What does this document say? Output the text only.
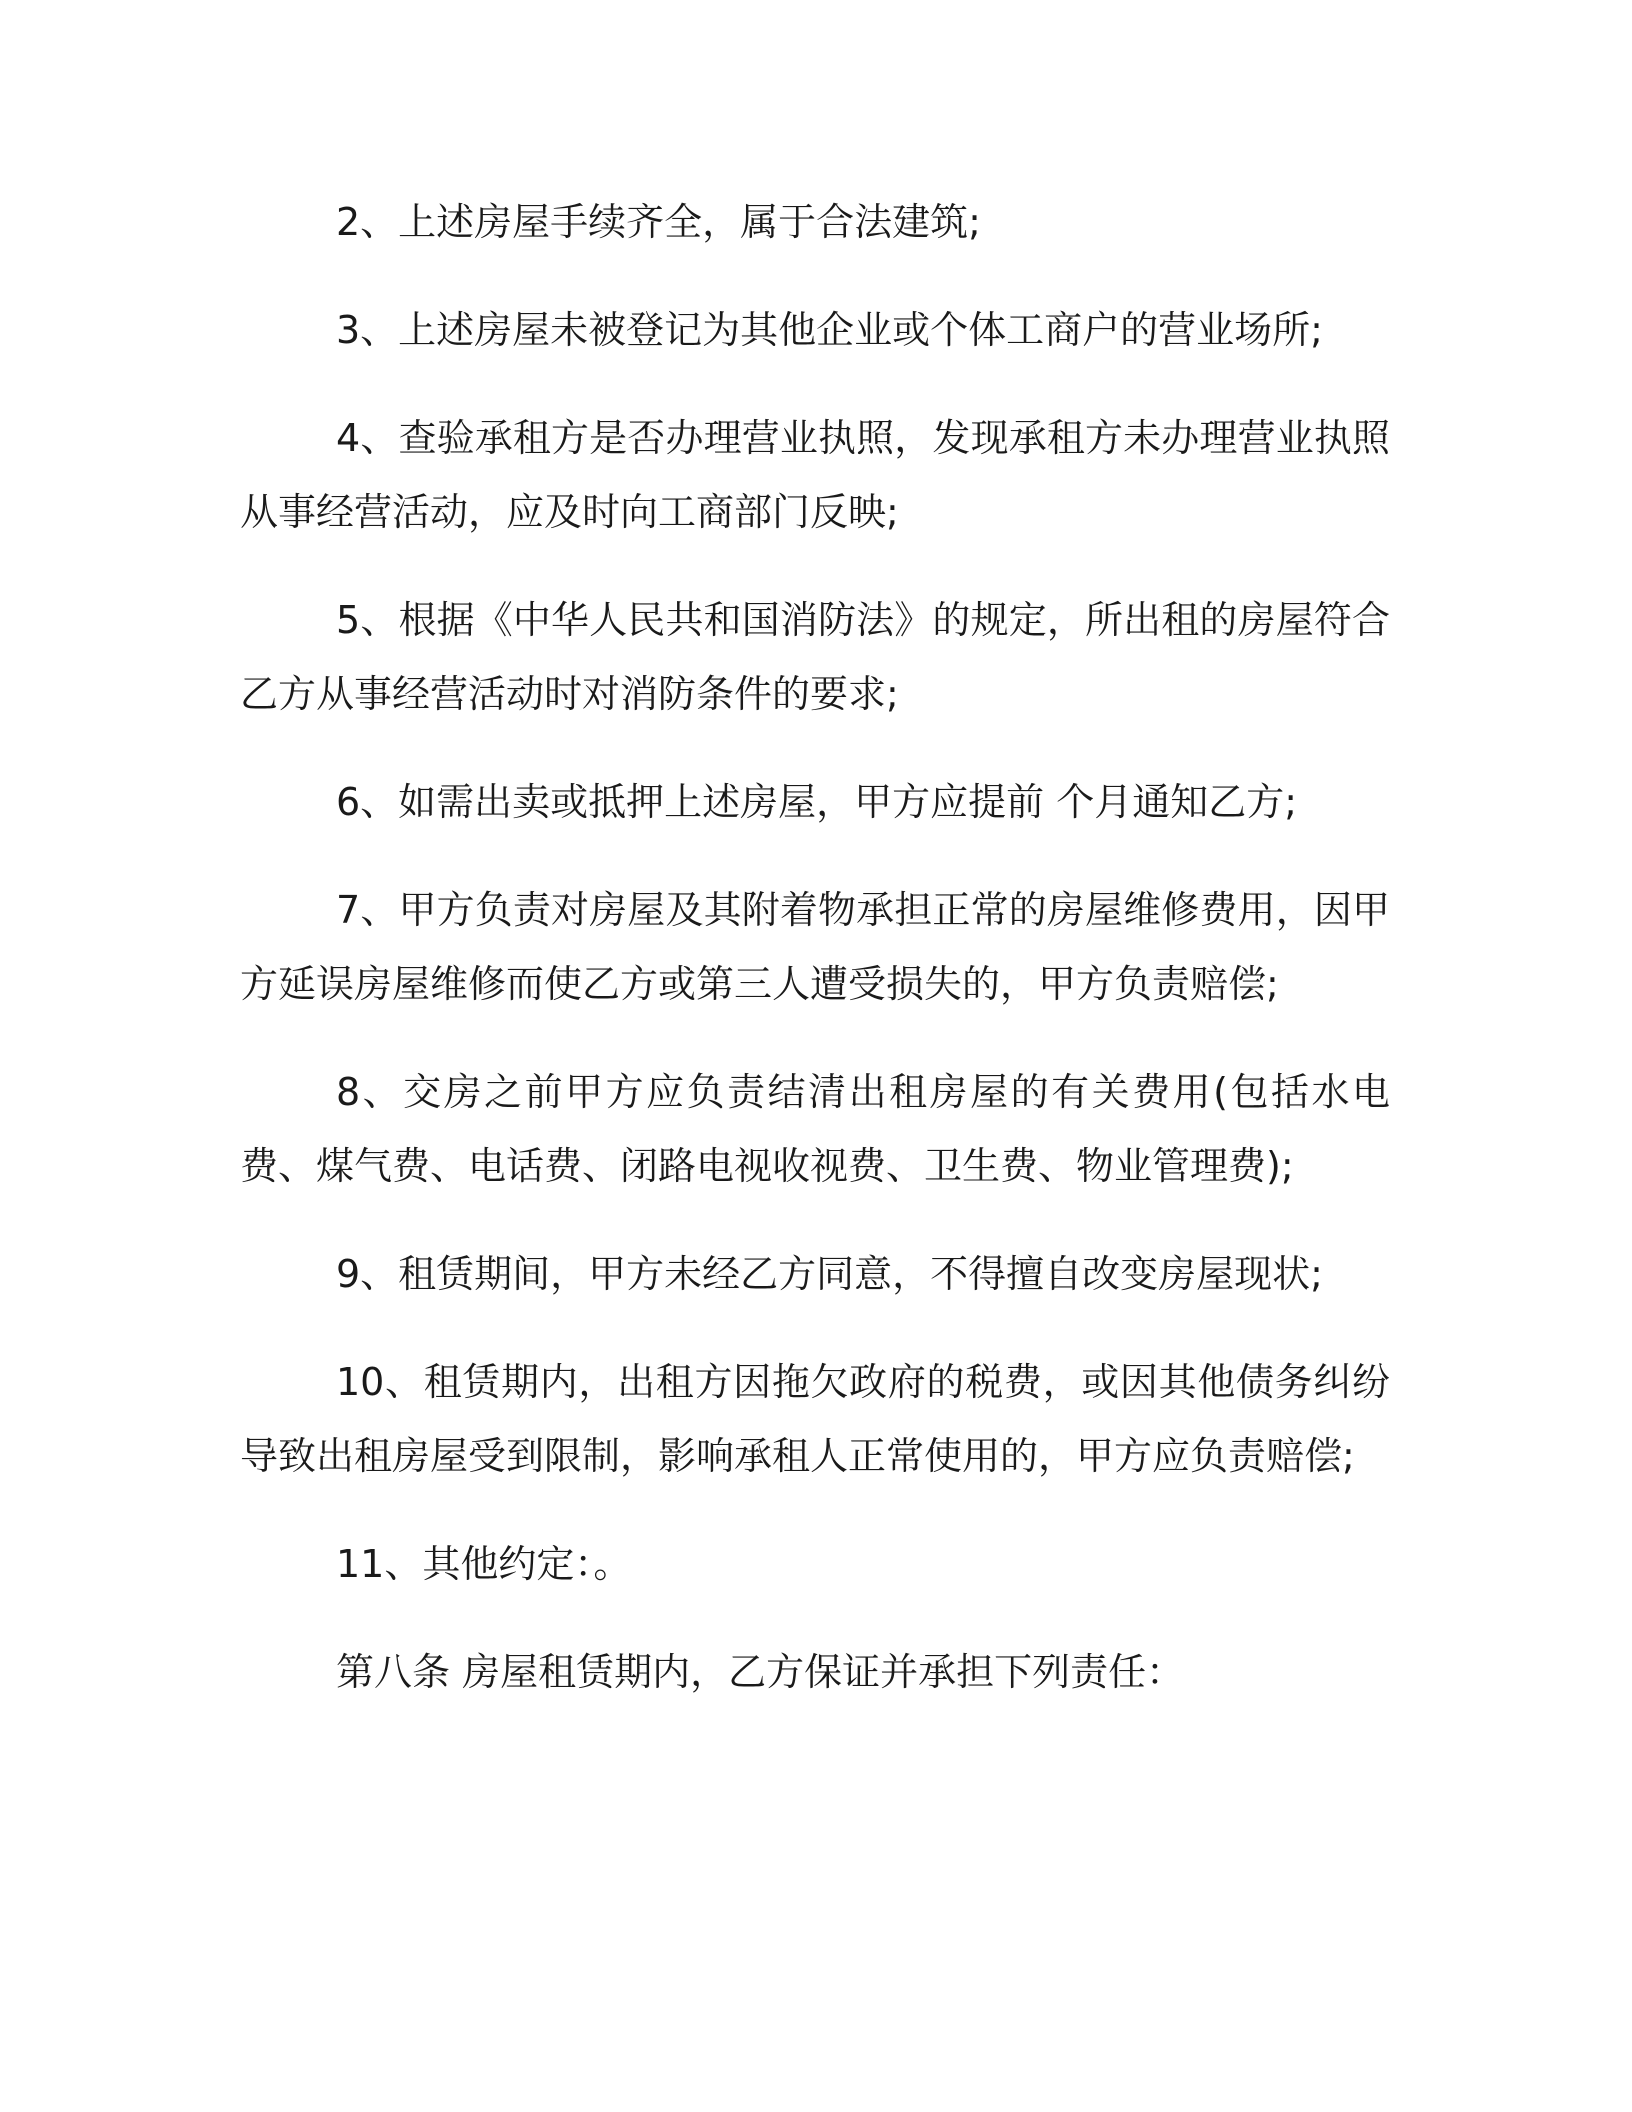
2、上述房屋手续齐全，属于合法建筑;

3、上述房屋未被登记为其他企业或个体工商户的营业场所;

4、查验承租方是否办理营业执照，发现承租方未办理营业执照从事经营活动，应及时向工商部门反映;

5、根据《中华人民共和国消防法》的规定，所出租的房屋符合乙方从事经营活动时对消防条件的要求;

6、如需出卖或抵押上述房屋，甲方应提前 个月通知乙方;

7、甲方负责对房屋及其附着物承担正常的房屋维修费用，因甲方延误房屋维修而使乙方或第三人遭受损失的，甲方负责赔偿;

8、交房之前甲方应负责结清出租房屋的有关费用(包括水电费、煤气费、电话费、闭路电视收视费、卫生费、物业管理费);

9、租赁期间，甲方未经乙方同意，不得擅自改变房屋现状;

10、租赁期内，出租方因拖欠政府的税费，或因其他债务纠纷导致出租房屋受到限制，影响承租人正常使用的，甲方应负责赔偿;

11、其他约定：。

第八条 房屋租赁期内，乙方保证并承担下列责任：
